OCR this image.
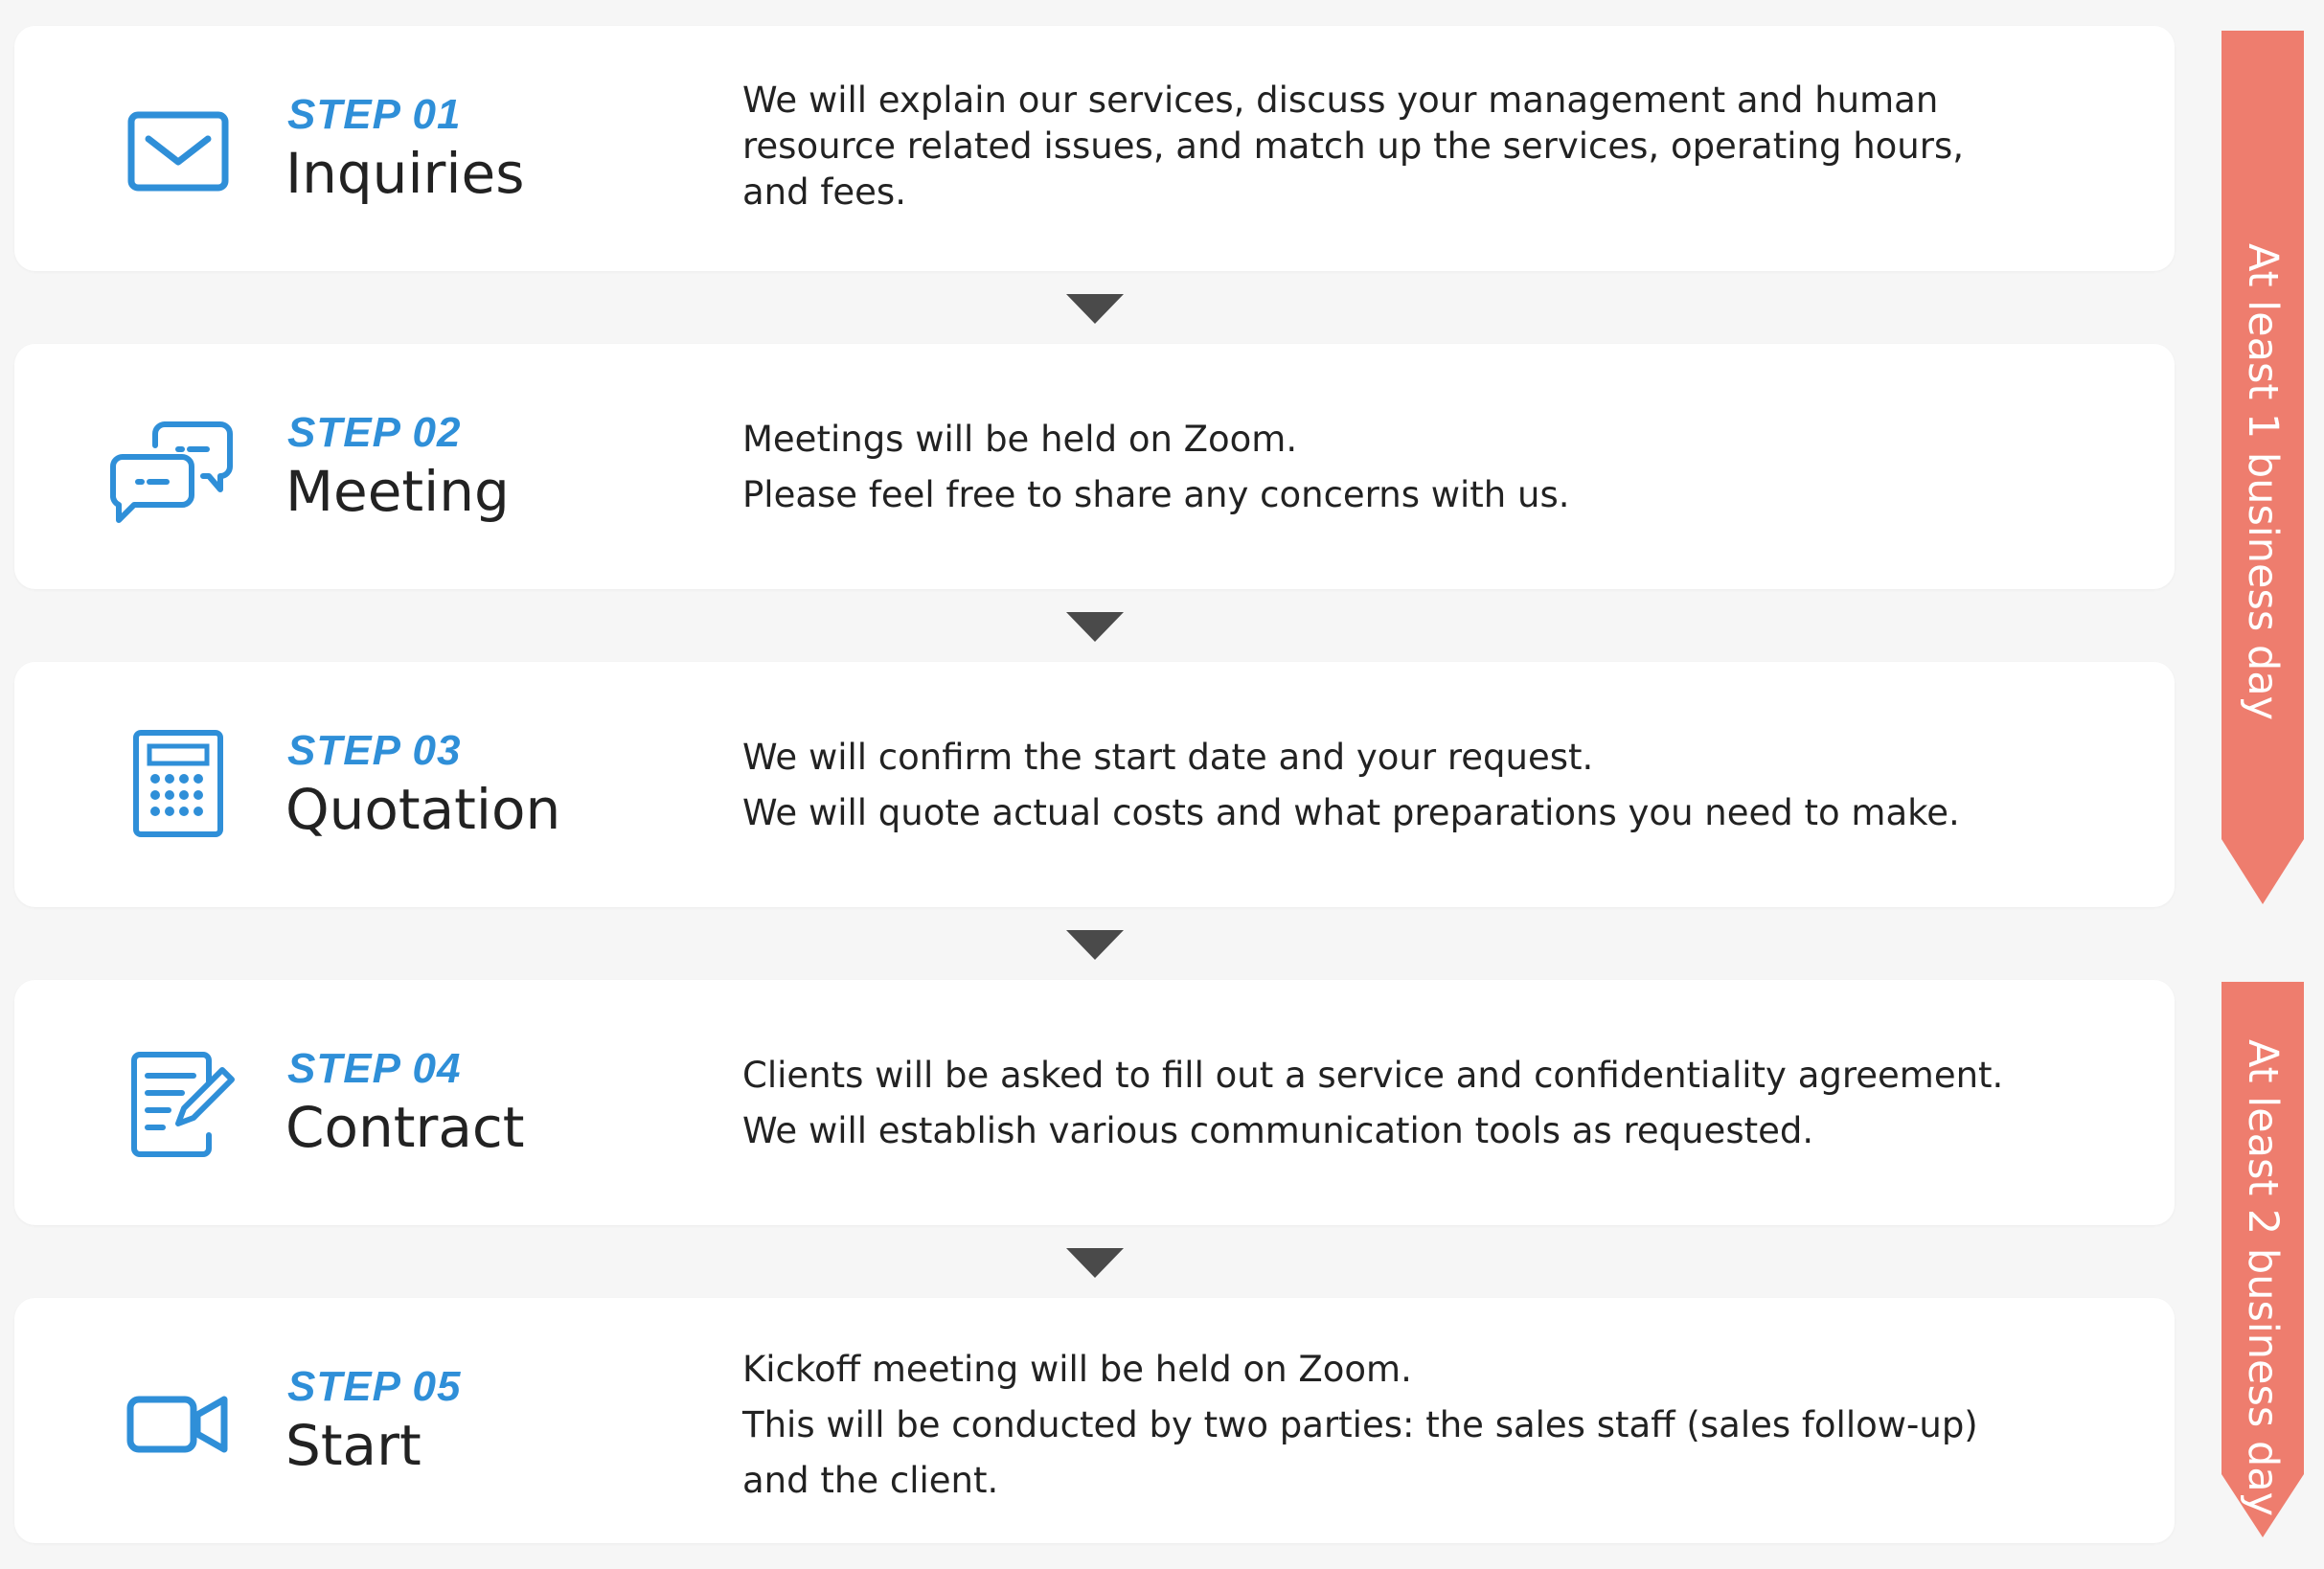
STEP 01
Inquiries
We will explain our services, discuss your management and human
resource related issues, and match up the services, operating hours,
and fees.
STEP 02
Meeting
Meetings will be held on Zoom.
Please feel free to share any concerns with us.
STEP 03
Quotation
We will confirm the start date and your request.
We will quote actual costs and what preparations you need to make.
STEP 04
Contract
Clients will be asked to fill out a service and confidentiality agreement.
We will establish various communication tools as requested.
STEP 05
Start
Kickoff meeting will be held on Zoom.
This will be conducted by two parties: the sales staff (sales follow-up)
and the client.
At least 1 business day
At least 2 business day
